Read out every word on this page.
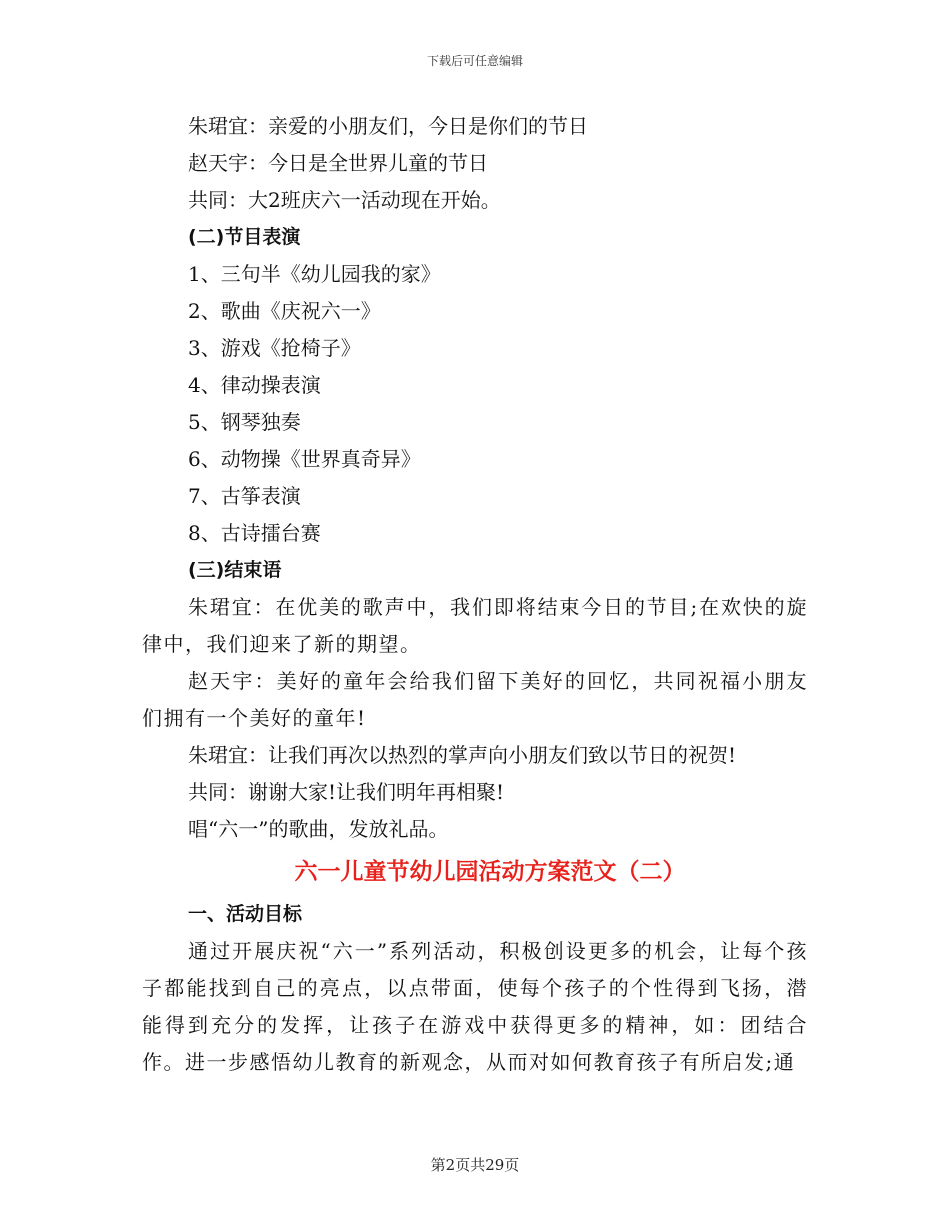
下载后可任意编辑
朱珺宜：亲爱的小朋友们，今日是你们的节日
赵天宇：今日是全世界儿童的节日
共同：大2班庆六一活动现在开始。
(二)节目表演
1、三句半《幼儿园我的家》
2、歌曲《庆祝六一》
3、游戏《抢椅子》
4、律动操表演
5、钢琴独奏
6、动物操《世界真奇异》
7、古筝表演
8、古诗擂台赛
(三)结束语

朱珺宜：在优美的歌声中，我们即将结束今日的节目;在欢快的旋律中，我们迎来了新的期望。

赵天宇：美好的童年会给我们留下美好的回忆，共同祝福小朋友们拥有一个美好的童年!

朱珺宜：让我们再次以热烈的掌声向小朋友们致以节日的祝贺!
共同：谢谢大家!让我们明年再相聚!
唱“六一”的歌曲，发放礼品。
六一儿童节幼儿园活动方案范文（二）
一、活动目标

通过开展庆祝“六一”系列活动，积极创设更多的机会，让每个孩子都能找到自己的亮点，以点带面，使每个孩子的个性得到飞扬，潜能得到充分的发挥，让孩子在游戏中获得更多的精神，如：团结合作。进一步感悟幼儿教育的新观念，从而对如何教育孩子有所启发;通

第2页共29页
